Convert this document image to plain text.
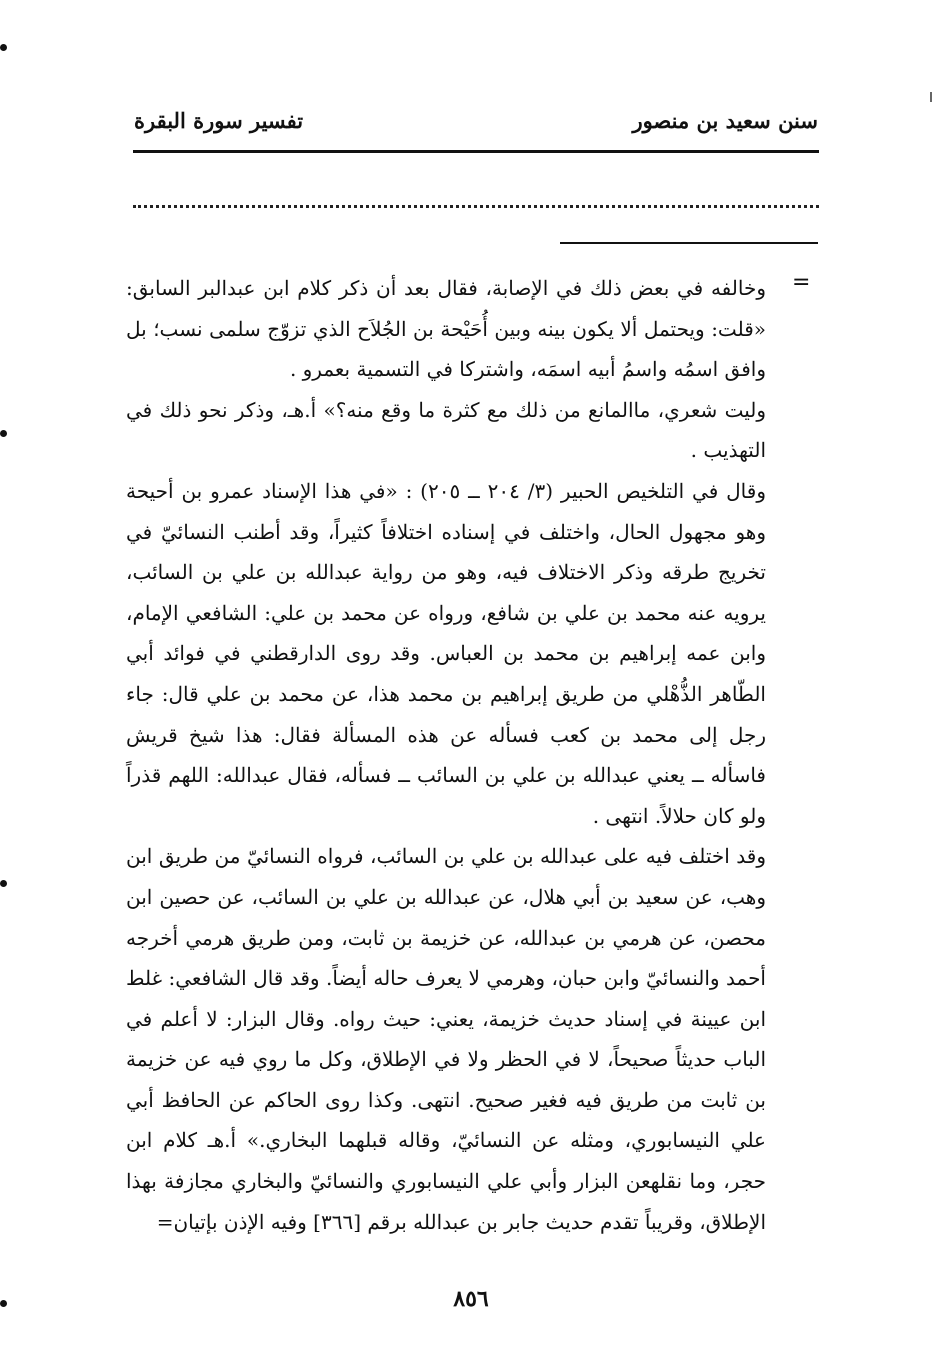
سنن سعيد بن منصور
تفسير سورة البقرة
=

وخالفه في بعض ذلك في الإصابة، فقال بعد أن ذكر كلام ابن عبدالبر السابق: «قلت: ويحتمل ألا يكون بينه وبين أُحَيْحة بن الجُلاَح الذي تزوّج سلمى نسب؛ بل وافق اسمُه واسمُ أبيه اسمَه، واشتركا في التسمية بعمرو .

وليت شعري، ماالمانع من ذلك مع كثرة ما وقع منه؟» أ.هـ، وذكر نحو ذلك في التهذيب .

وقال في التلخيص الحبير (٣/ ٢٠٤ ــ ٢٠٥) : «في هذا الإسناد عمرو بن أحيحة وهو مجهول الحال، واختلف في إسناده اختلافاً كثيراً، وقد أطنب النسائيّ في تخريج طرقه وذكر الاختلاف فيه، وهو من رواية عبدالله بن علي بن السائب، يرويه عنه محمد بن علي بن شافع، ورواه عن محمد بن علي: الشافعي الإمام، وابن عمه إبراهيم بن محمد بن العباس. وقد روى الدارقطني في فوائد أبي الطّاهر الذُّهْلي من طريق إبراهيم بن محمد هذا، عن محمد بن علي قال: جاء رجل إلى محمد بن كعب فسأله عن هذه المسألة فقال: هذا شيخ قريش فاسأله ــ يعني عبدالله بن علي بن السائب ــ فسأله، فقال عبدالله: اللهم قذراً ولو كان حلالاً. انتهى .

وقد اختلف فيه على عبدالله بن علي بن السائب، فرواه النسائيّ من طريق ابن وهب، عن سعيد بن أبي هلال، عن عبدالله بن علي بن السائب، عن حصين ابن محصن، عن هرمي بن عبدالله، عن خزيمة بن ثابت، ومن طريق هرمي أخرجه أحمد والنسائيّ وابن حبان، وهرمي لا يعرف حاله أيضاً. وقد قال الشافعي: غلط ابن عيينة في إسناد حديث خزيمة، يعني: حيث رواه. وقال البزار: لا أعلم في الباب حديثاً صحيحاً، لا في الحظر ولا في الإطلاق، وكل ما روي فيه عن خزيمة بن ثابت من طريق فيه فغير صحيح. انتهى. وكذا روى الحاكم عن الحافظ أبي علي النيسابوري، ومثله عن النسائيّ، وقاله قبلهما البخاري.» أ.هـ كلام ابن حجر، وما نقلهعن البزار وأبي علي النيسابوري والنسائيّ والبخاري مجازفة بهذا الإطلاق، وقريباً تقدم حديث جابر بن عبدالله برقم [٣٦٦] وفيه الإذن بإتيان=

٨٥٦
